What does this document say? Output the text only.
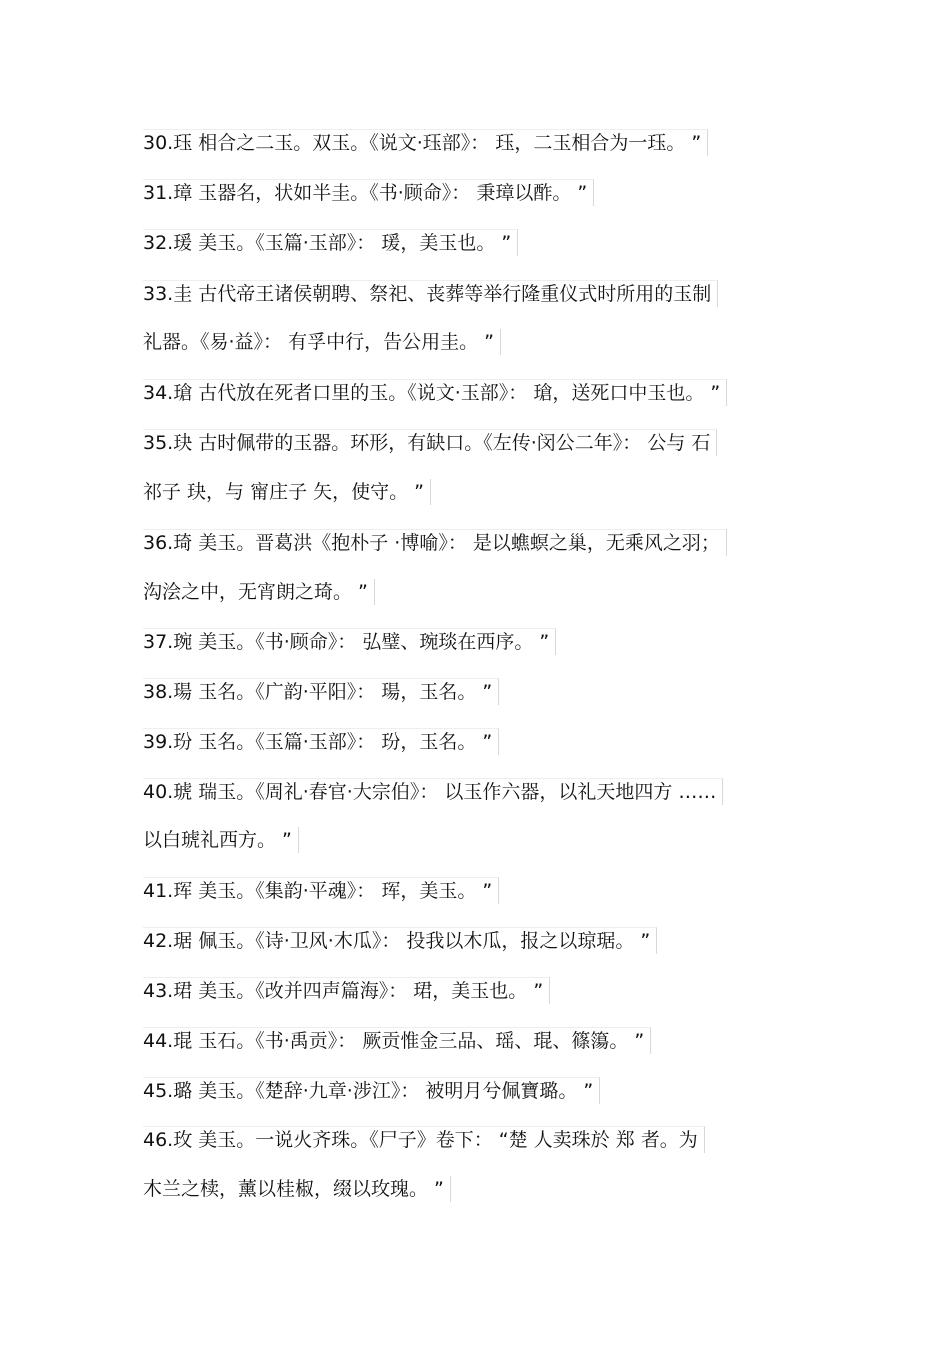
30.珏 相合之二玉。双玉。《说文·珏部》： 珏，二玉相合为一珏。 ”
31.璋 玉器名，状如半圭。《书·顾命》： 秉璋以酢。 ”
32.瑗 美玉。《玉篇·玉部》： 瑗，美玉也。 ”
33.圭 古代帝王诸侯朝聘、祭祀、丧葬等举行隆重仪式时所用的玉制
礼器。《易·益》： 有孚中行，告公用圭。 ”
34.瑲 古代放在死者口里的玉。《说文·玉部》： 瑲，送死口中玉也。 ”
35.玦 古时佩带的玉器。环形，有缺口。《左传·闵公二年》： 公与 石
祁子 玦，与 甯庄子 矢，使守。 ”
36.琦 美玉。晋葛洪《抱朴子 ·博喻》： 是以蟭螟之巢，无乘风之羽；
沟浍之中，无宵朗之琦。 ”
37.琬 美玉。《书·顾命》： 弘璧、琬琰在西序。 ”
38.瑒 玉名。《广韵·平阳》： 瑒，玉名。 ”
39.玢 玉名。《玉篇·玉部》： 玢，玉名。 ”
40.琥 瑞玉。《周礼·春官·大宗伯》： 以玉作六器，以礼天地四方 ……
以白琥礼西方。 ”
41.珲 美玉。《集韵·平魂》： 珲，美玉。 ”
42.琚 佩玉。《诗·卫风·木瓜》： 投我以木瓜，报之以琼琚。 ”
43.珺 美玉。《改并四声篇海》： 珺，美玉也。 ”
44.琨 玉石。《书·禹贡》： 厥贡惟金三品、瑶、琨、篠簜。 ”
45.璐 美玉。《楚辞·九章·涉江》： 被明月兮佩寶璐。 ”
46.玫 美玉。一说火齐珠。《尸子》卷下： “楚 人卖珠於 郑 者。为
木兰之椟，薰以桂椒，缀以玫瑰。 ”
